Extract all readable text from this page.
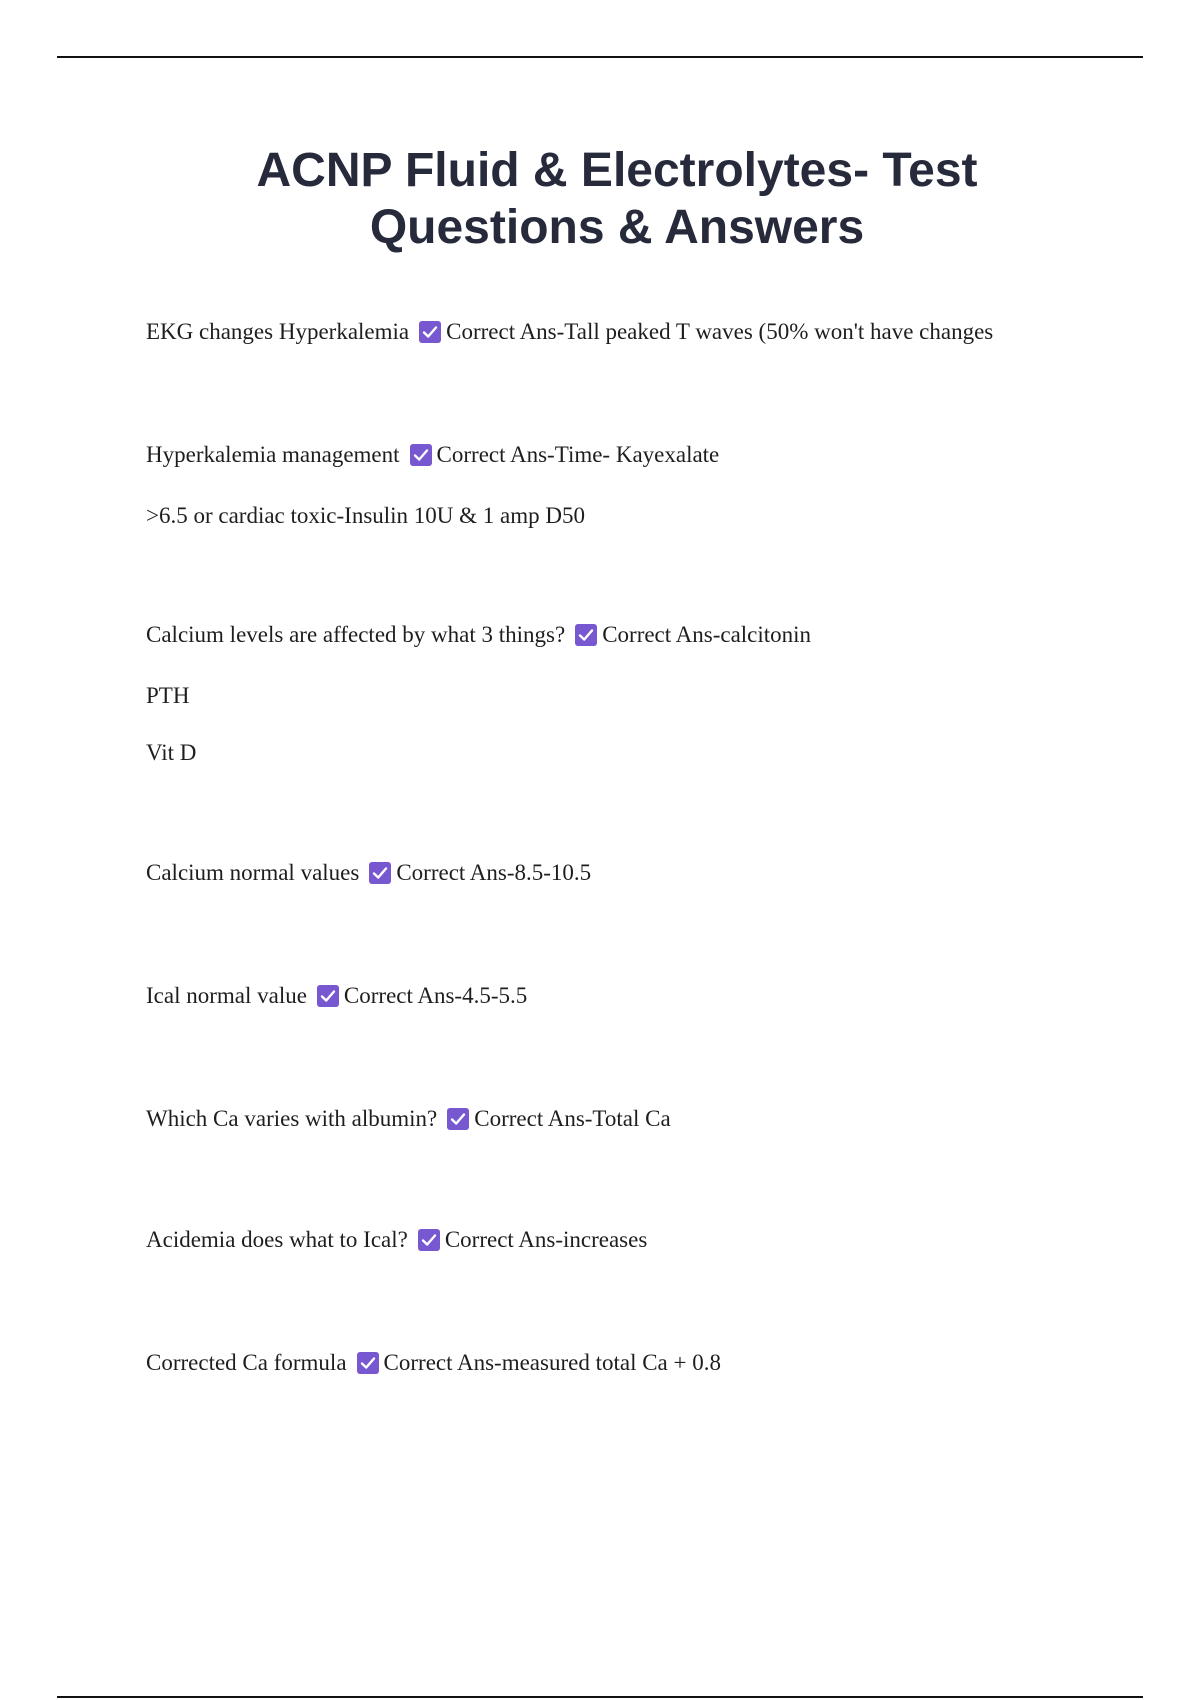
ACNP Fluid & Electrolytes- Test
Questions & Answers
EKG changes Hyperkalemia Correct Ans-Tall peaked T waves (50% won't have changes
Hyperkalemia management Correct Ans-Time- Kayexalate
>6.5 or cardiac toxic-Insulin 10U & 1 amp D50
Calcium levels are affected by what 3 things? Correct Ans-calcitonin
PTH
Vit D
Calcium normal values Correct Ans-8.5-10.5
Ical normal value Correct Ans-4.5-5.5
Which Ca varies with albumin? Correct Ans-Total Ca
Acidemia does what to Ical? Correct Ans-increases
Corrected Ca formula Correct Ans-measured total Ca + 0.8
